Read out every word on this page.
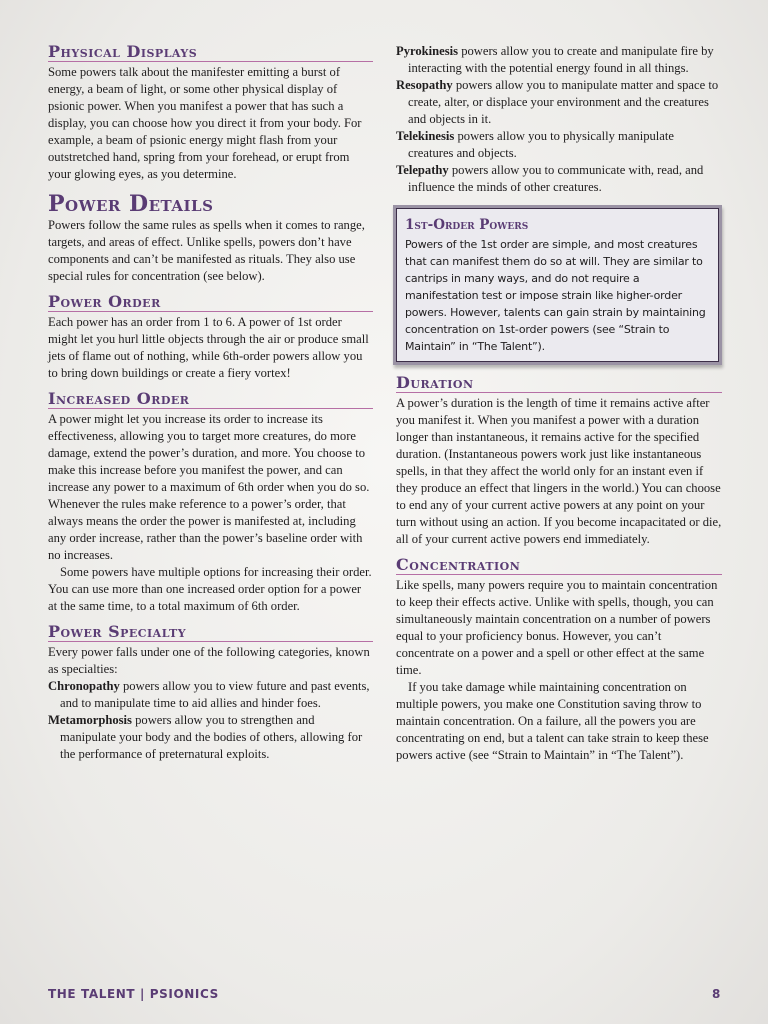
Physical Displays

Some powers talk about the manifester emitting a burst of energy, a beam of light, or some other physical display of psionic power. When you manifest a power that has such a display, you can choose how you direct it from your body. For example, a beam of psionic energy might flash from your outstretched hand, spring from your forehead, or erupt from your glowing eyes, as you determine.

Power Details

Powers follow the same rules as spells when it comes to range, targets, and areas of effect. Unlike spells, powers don’t have components and can’t be manifested as rituals. They also use special rules for concentration (see below).

Power Order

Each power has an order from 1 to 6. A power of 1st order might let you hurl little objects through the air or produce small jets of flame out of nothing, while 6th-order powers allow you to bring down buildings or create a fiery vortex!

Increased Order

A power might let you increase its order to increase its effectiveness, allowing you to target more creatures, do more damage, extend the power’s duration, and more. You choose to make this increase before you manifest the power, and can increase any power to a maximum of 6th order when you do so. Whenever the rules make reference to a power’s order, that always means the order the power is manifested at, including any order increase, rather than the power’s baseline order with no increases.

Some powers have multiple options for increasing their order. You can use more than one increased order option for a power at the same time, to a total maximum of 6th order.

Power Specialty

Every power falls under one of the following categories, known as specialties:

Chronopathy powers allow you to view future and past events, and to manipulate time to aid allies and hinder foes.

Metamorphosis powers allow you to strengthen and manipulate your body and the bodies of others, allowing for the performance of preternatural exploits.

Pyrokinesis powers allow you to create and manipulate fire by interacting with the potential energy found in all things.

Resopathy powers allow you to manipulate matter and space to create, alter, or displace your environment and the creatures and objects in it.

Telekinesis powers allow you to physically manipulate creatures and objects.

Telepathy powers allow you to communicate with, read, and influence the minds of other creatures.

1st-Order Powers

Powers of the 1st order are simple, and most creatures that can manifest them do so at will. They are similar to cantrips in many ways, and do not require a manifestation test or impose strain like higher-order powers. However, talents can gain strain by maintaining concentration on 1st-order powers (see “Strain to Maintain” in “The Talent”).

Duration

A power’s duration is the length of time it remains active after you manifest it. When you manifest a power with a duration longer than instantaneous, it remains active for the specified duration. (Instantaneous powers work just like instantaneous spells, in that they affect the world only for an instant even if they produce an effect that lingers in the world.) You can choose to end any of your current active powers at any point on your turn without using an action. If you become incapacitated or die, all of your current active powers end immediately.

Concentration

Like spells, many powers require you to maintain concentration to keep their effects active. Unlike with spells, though, you can simultaneously maintain concentration on a number of powers equal to your proficiency bonus. However, you can’t concentrate on a power and a spell or other effect at the same time.

If you take damage while maintaining concentration on multiple powers, you make one Constitution saving throw to maintain concentration. On a failure, all the powers you are concentrating on end, but a talent can take strain to keep these powers active (see “Strain to Maintain” in “The Talent”).

THE TALENT | PSIONICS	8
